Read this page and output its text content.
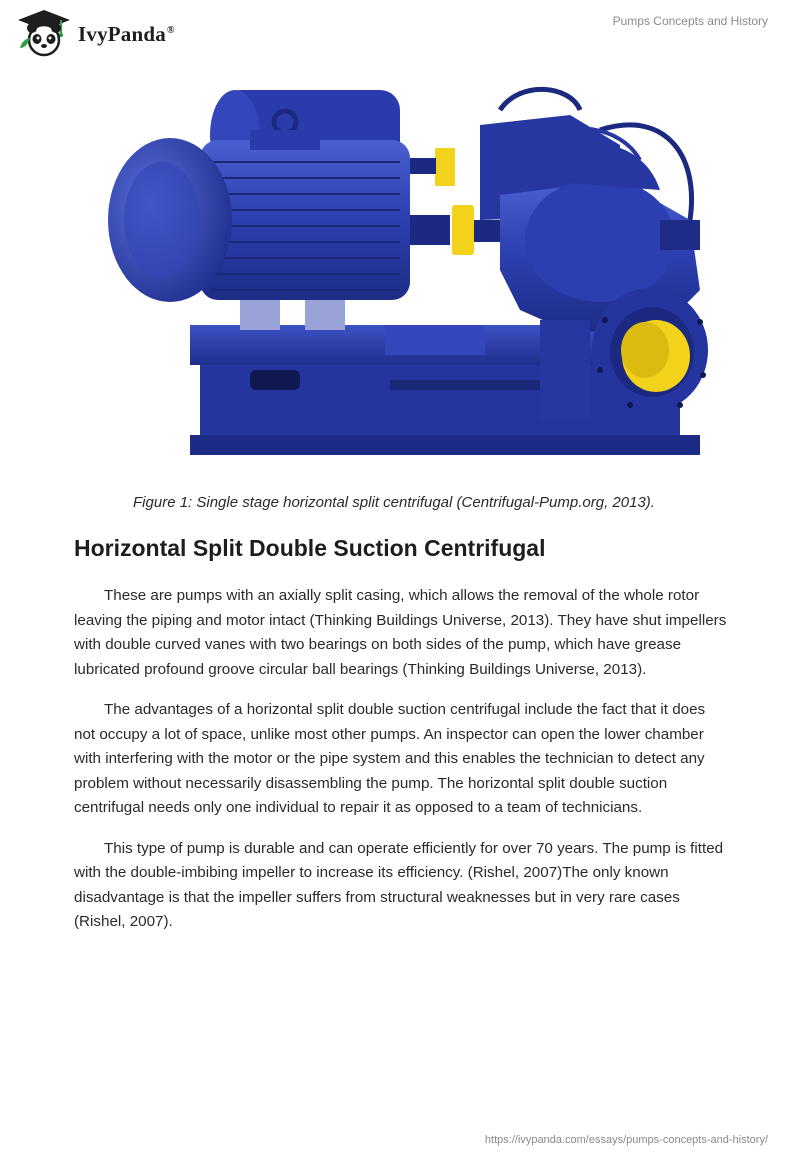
IvyPanda®
Pumps Concepts and History
Figure 1: Single stage horizontal split centrifugal (Centrifugal-Pump.org, 2013).
Horizontal Split Double Suction Centrifugal

These are pumps with an axially split casing, which allows the removal of the whole rotor leaving the piping and motor intact (Thinking Buildings Universe, 2013). They have shut impellers with double curved vanes with two bearings on both sides of the pump, which have grease lubricated profound groove circular ball bearings (Thinking Buildings Universe, 2013).

The advantages of a horizontal split double suction centrifugal include the fact that it does not occupy a lot of space, unlike most other pumps. An inspector can open the lower chamber with interfering with the motor or the pipe system and this enables the technician to detect any problem without necessarily disassembling the pump. The horizontal split double suction centrifugal needs only one individual to repair it as opposed to a team of technicians.

This type of pump is durable and can operate efficiently for over 70 years. The pump is fitted with the double-imbibing impeller to increase its efficiency. (Rishel, 2007)The only known disadvantage is that the impeller suffers from structural weaknesses but in very rare cases (Rishel, 2007).

https://ivypanda.com/essays/pumps-concepts-and-history/
